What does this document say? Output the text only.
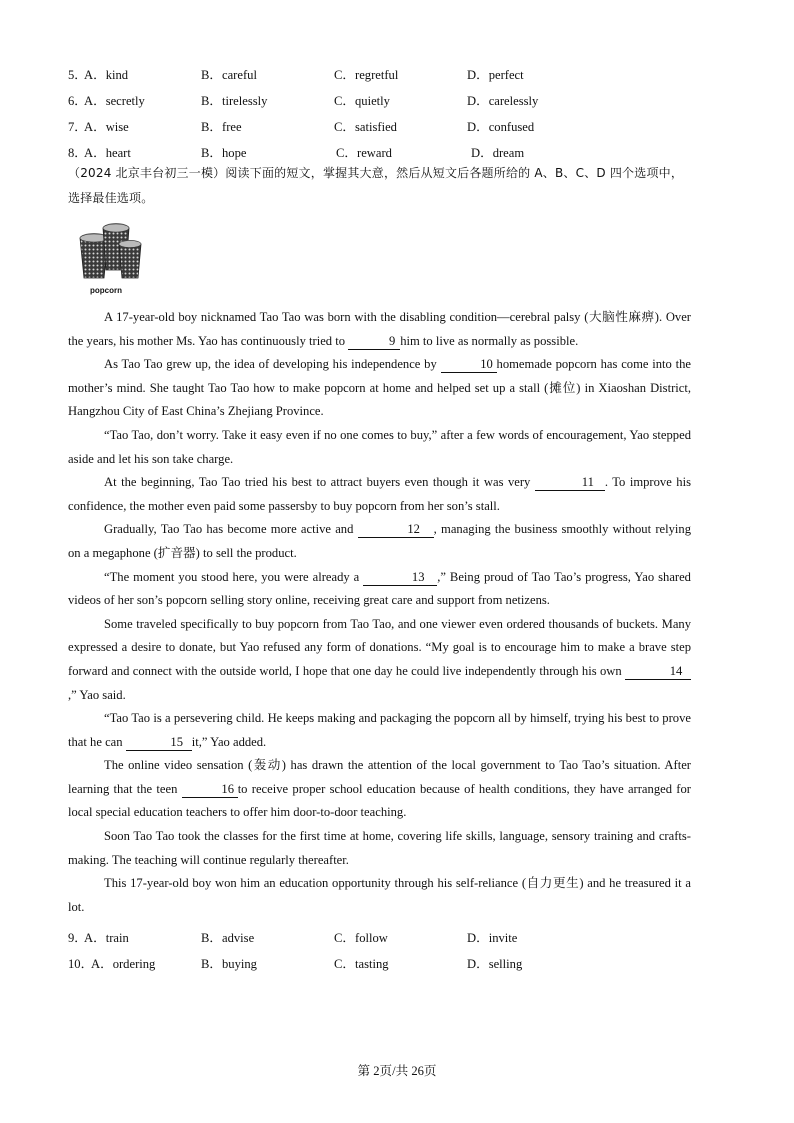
5．
A．kind	B．careful	C．regretful	D．perfect
6．
A．secretly	B．tirelessly	C．quietly	D．carelessly
7．
A．wise	B．free	C．satisfied	D．confused
8．
A．heart	B．hope	C．reward	D．dream
（2024 北京丰台初三一模）阅读下面的短文，掌握其大意，然后从短文后各题所给的 A、B、C、D 四个选项中，选择最佳选项。
popcorn

A 17-year-old boy nicknamed Tao Tao was born with the disabling condition—cerebral palsy (大脑性麻痹). Over the years, his mother Ms. Yao has continuously tried to	9 him to live as normally as possible.

As Tao Tao grew up, the idea of developing his independence by	10 homemade popcorn has come into the mother’s mind. She taught Tao Tao how to make popcorn at home and helped set up a stall (摊位) in Xiaoshan District, Hangzhou City of East China’s Zhejiang Province.

“Tao Tao, don’t worry. Take it easy even if no one comes to buy,” after a few words of encouragement, Yao stepped aside and let his son take charge.

At the beginning, Tao Tao tried his best to attract buyers even though it was very	11 . To improve his confidence, the mother even paid some passersby to buy popcorn from her son’s stall.

Gradually, Tao Tao has become more active and	12 , managing the business smoothly without relying on a megaphone (扩音器) to sell the product.

“The moment you stood here, you were already a	13 ,” Being proud of Tao Tao’s progress, Yao shared videos of her son’s popcorn selling story online, receiving great care and support from netizens.

Some traveled specifically to buy popcorn from Tao Tao, and one viewer even ordered thousands of buckets. Many expressed a desire to donate, but Yao refused any form of donations. “My goal is to encourage him to make a brave step forward and connect with the outside world, I hope that one day he could live independently through his own	14,” Yao said.

“Tao Tao is a persevering child. He keeps making and packaging the popcorn all by himself, trying his best to prove that he can	15 it,” Yao added.

The online video sensation (轰动) has drawn the attention of the local government to Tao Tao’s situation. After learning that the teen	16 to receive proper school education because of health conditions, they have arranged for local special education teachers to offer him door-to-door teaching.

Soon Tao Tao took the classes for the first time at home, covering life skills, language, sensory training and crafts-making. The teaching will continue regularly thereafter.

This 17-year-old boy won him an education opportunity through his self-reliance (自力更生) and he treasured it a lot.

9．
A．train	B．advise	C．follow	D．invite
10．
A．ordering	B．buying	C．tasting	D．selling
第 2页/共 26页
